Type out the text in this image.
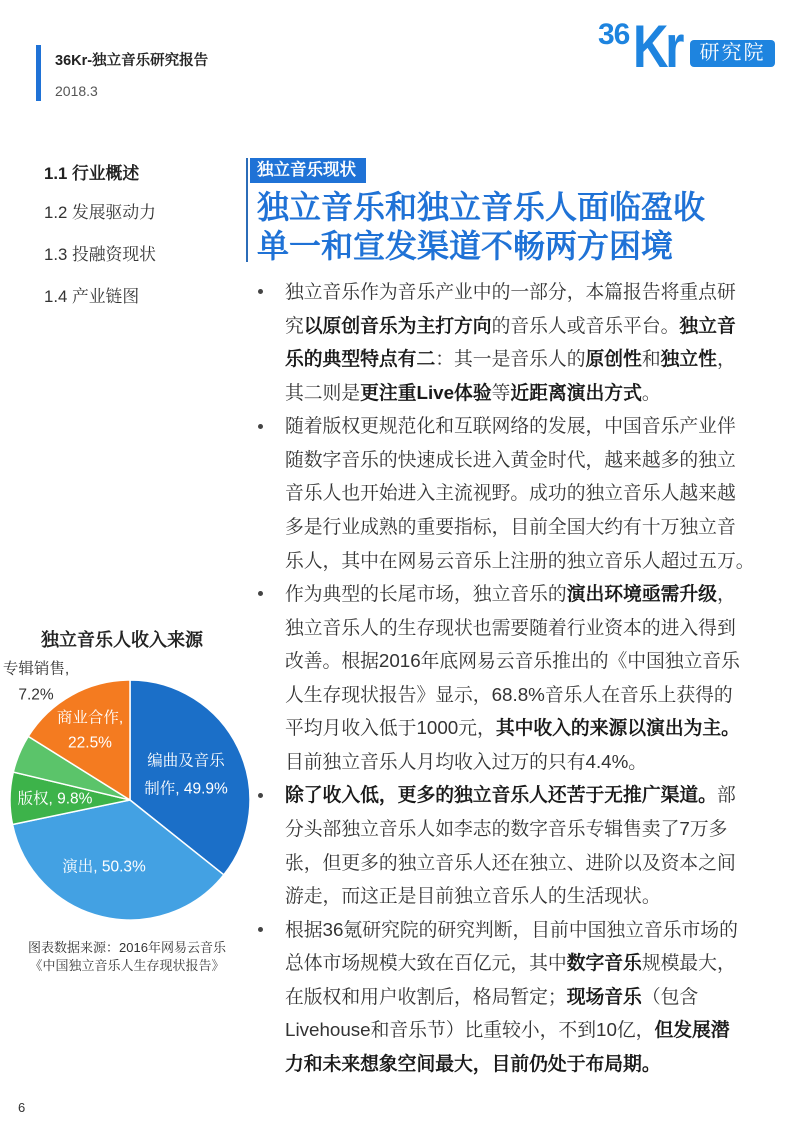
36Kr-独立音乐研究报告
2018.3
36 Kr 研究院
1.1 行业概述
1.2 发展驱动力
1.3 投融资现状
1.4 产业链图
独立音乐现状
独立音乐和独立音乐人面临盈收
单一和宣发渠道不畅两方困境
独立音乐作为音乐产业中的一部分，本篇报告将重点研
究以原创音乐为主打方向的音乐人或音乐平台。独立音
乐的典型特点有二：其一是音乐人的原创性和独立性，
其二则是更注重Live体验等近距离演出方式。
随着版权更规范化和互联网络的发展，中国音乐产业伴
随数字音乐的快速成长进入黄金时代，越来越多的独立
音乐人也开始进入主流视野。成功的独立音乐人越来越
多是行业成熟的重要指标，目前全国大约有十万独立音
乐人，其中在网易云音乐上注册的独立音乐人超过五万。
作为典型的长尾市场，独立音乐的演出环境亟需升级，
独立音乐人的生存现状也需要随着行业资本的进入得到
改善。根据2016年底网易云音乐推出的《中国独立音乐
人生存现状报告》显示，68.8%音乐人在音乐上获得的
平均月收入低于1000元，其中收入的来源以演出为主。
目前独立音乐人月均收入过万的只有4.4%。
除了收入低，更多的独立音乐人还苦于无推广渠道。部
分头部独立音乐人如李志的数字音乐专辑售卖了7万多
张，但更多的独立音乐人还在独立、进阶以及资本之间
游走，而这正是目前独立音乐人的生活现状。
根据36氪研究院的研究判断，目前中国独立音乐市场的
总体市场规模大致在百亿元，其中数字音乐规模最大，
在版权和用户收割后，格局暂定；现场音乐（包含
Livehouse和音乐节）比重较小，不到10亿，但发展潜
力和未来想象空间最大，目前仍处于布局期。
独立音乐人收入来源
编曲及音乐
制作, 49.9%
演出, 50.3%
版权, 9.8%
专辑销售,
7.2%
商业合作,
22.5%
图表数据来源：2016年网易云音乐
《中国独立音乐人生存现状报告》
6
